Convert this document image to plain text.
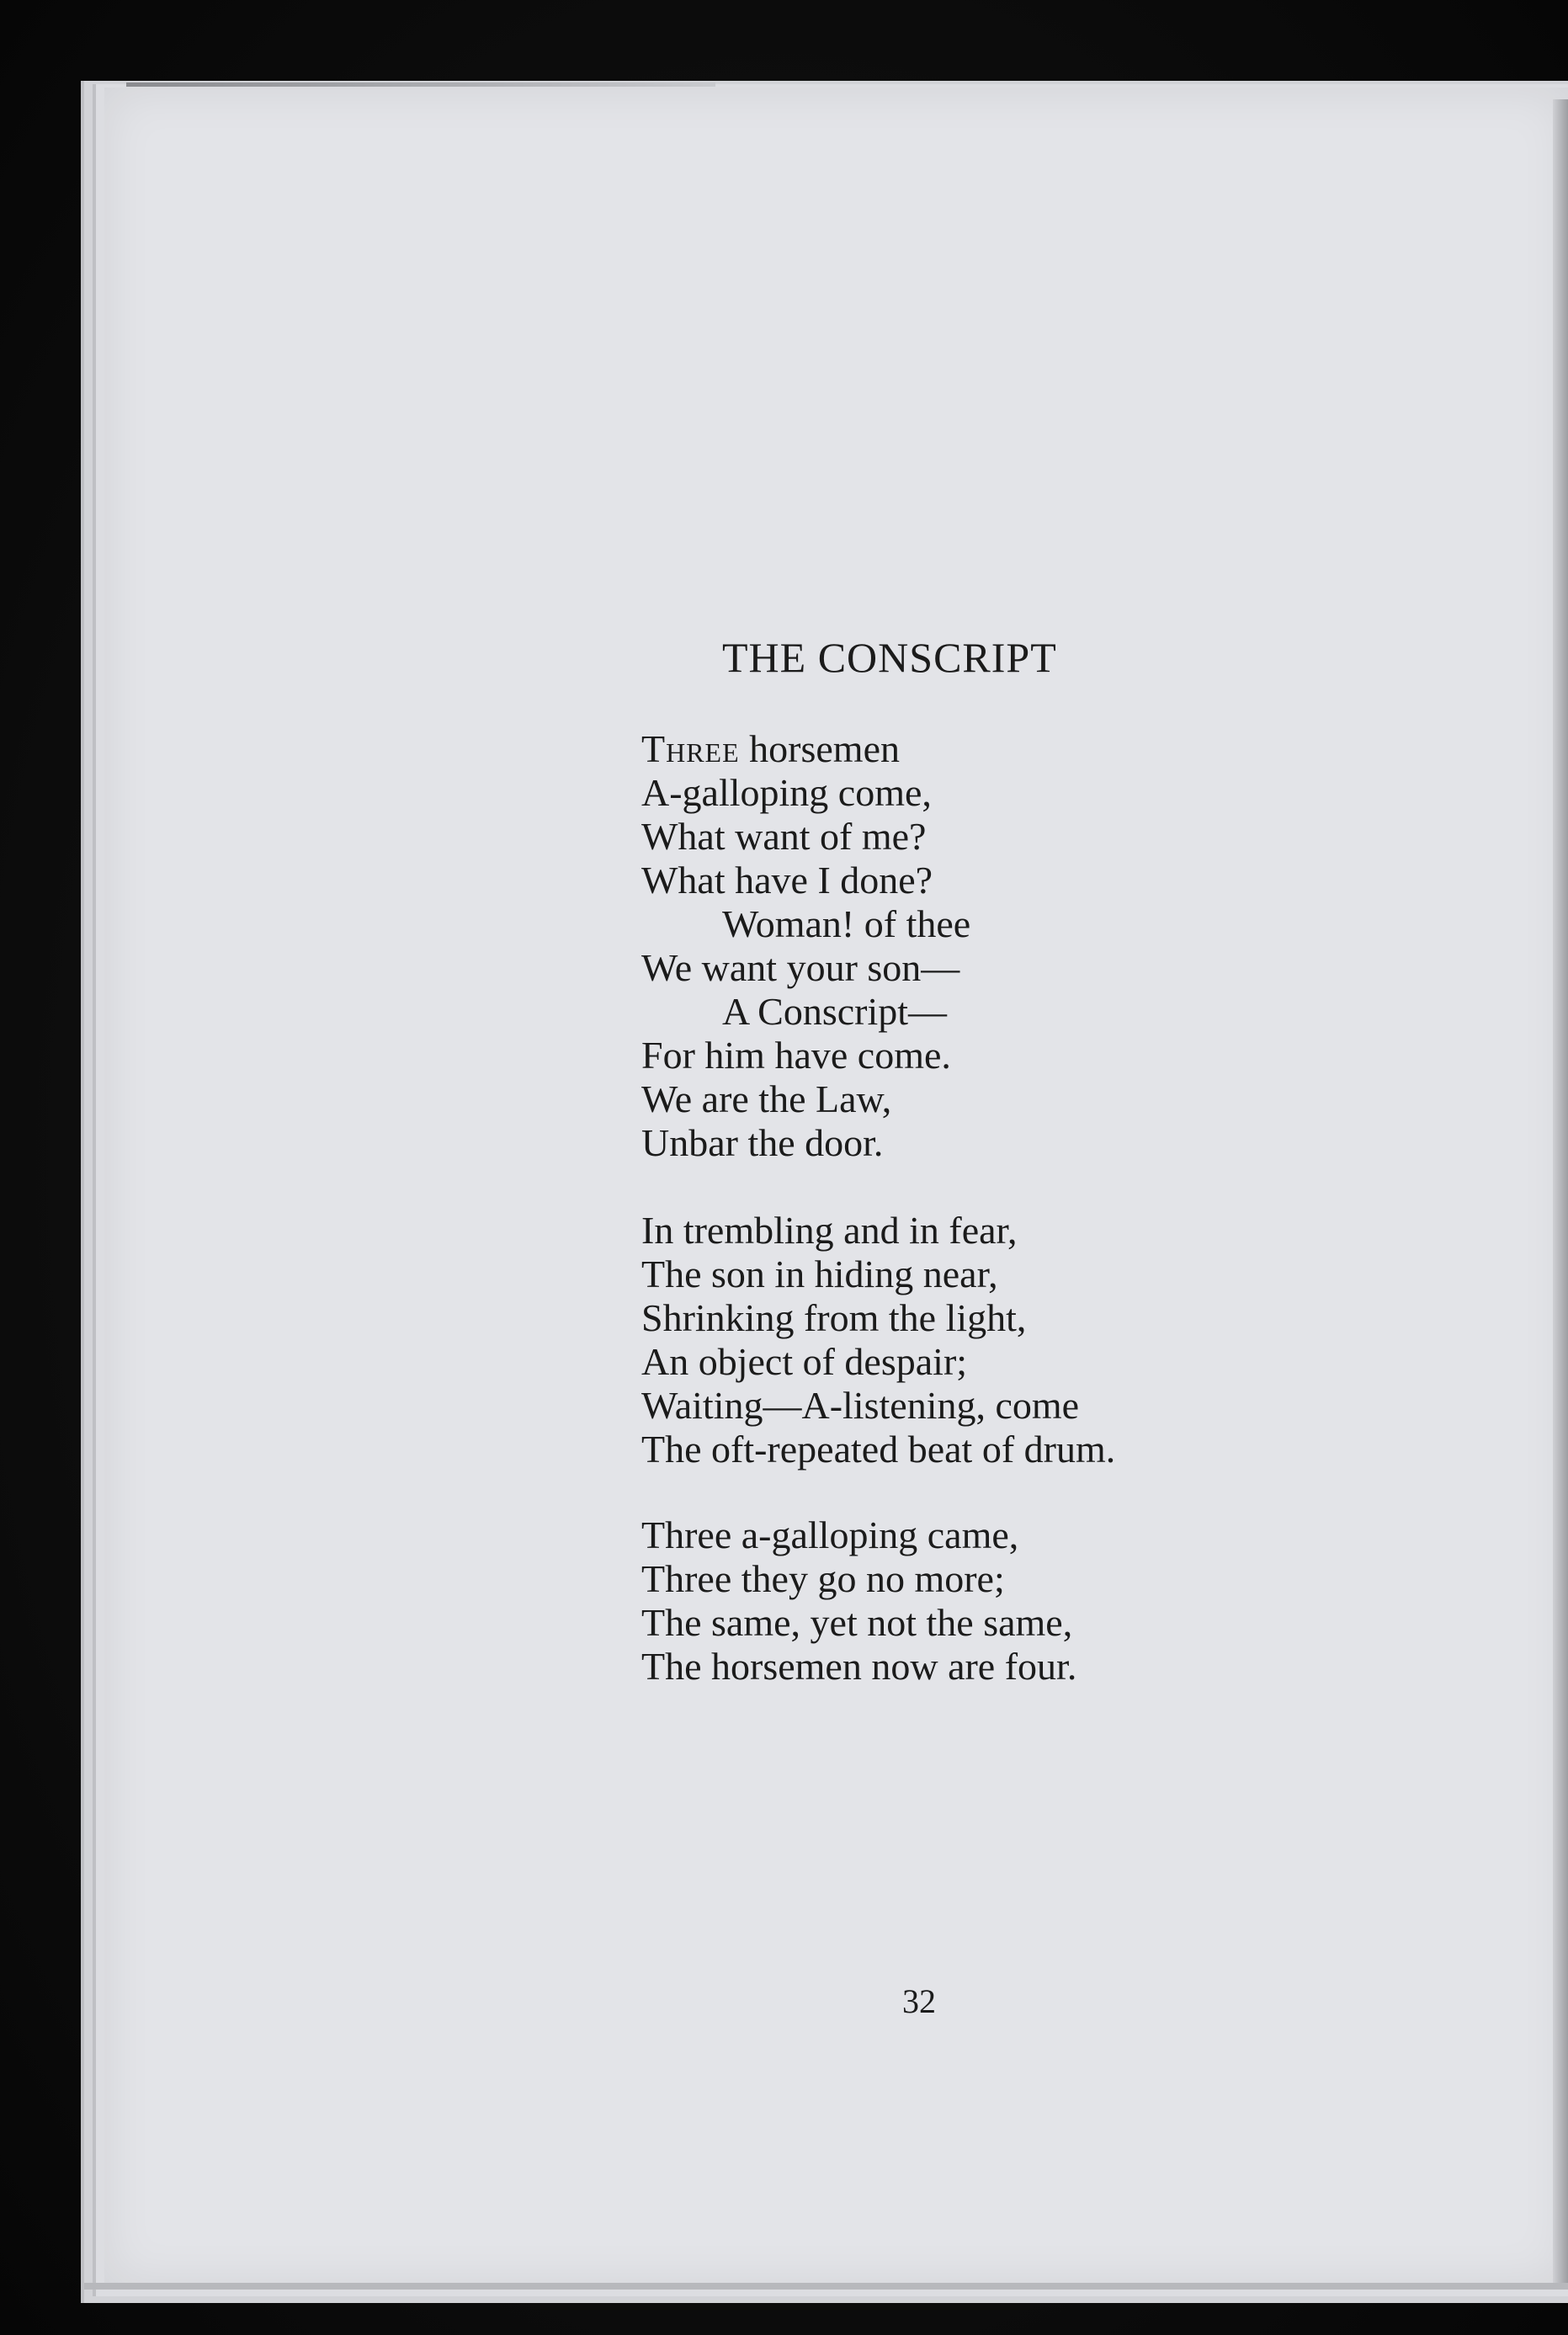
THE CONSCRIPT
Three horsemen
A-galloping come,
What want of me?
What have I done?
Woman! of thee
We want your son—
A Conscript—
For him have come.
We are the Law,
Unbar the door.
In trembling and in fear,
The son in hiding near,
Shrinking from the light,
An object of despair;
Waiting—A-listening, come
The oft-repeated beat of drum.
Three a-galloping came,
Three they go no more;
The same, yet not the same,
The horsemen now are four.

32
